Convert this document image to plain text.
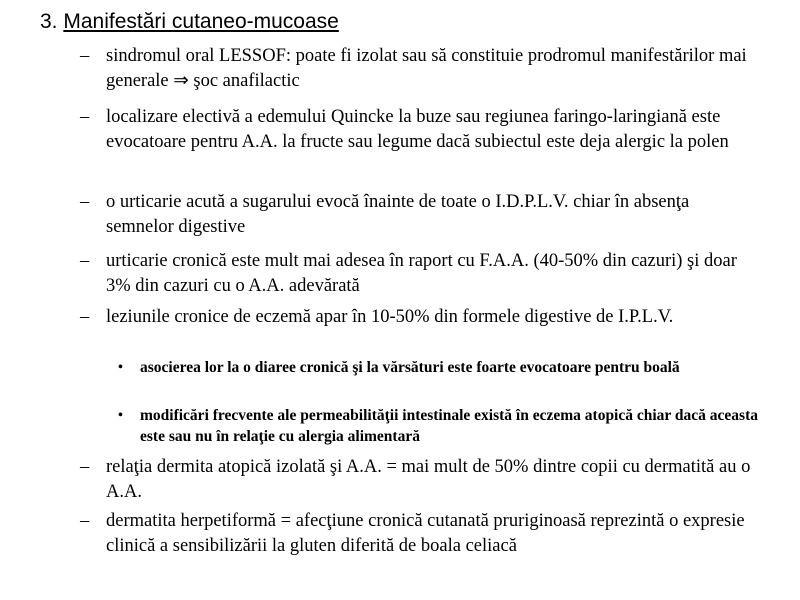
3. Manifestări cutaneo-mucoase
– sindromul oral LESSOF: poate fi izolat sau să constituie prodromul manifestărilor mai generale ⇒ şoc anafilactic
– localizare electivă a edemului Quincke la buze sau regiunea faringo-laringiană este evocatoare pentru A.A. la fructe sau legume dacă subiectul este deja alergic la polen
– o urticarie acută a sugarului evocă înainte de toate o I.D.P.L.V. chiar în absenţa semnelor digestive
– urticarie cronică este mult mai adesea în raport cu F.A.A. (40-50% din cazuri) şi doar 3% din cazuri cu o A.A. adevărată
– leziunile cronice de eczemă apar în 10-50% din formele digestive de I.P.L.V.
• asocierea lor la o diaree cronică şi la vărsături este foarte evocatoare pentru boală
• modificări frecvente ale permeabilităţii intestinale există în eczema atopică chiar dacă aceasta este sau nu în relaţie cu alergia alimentară
– relaţia dermita atopică izolată şi A.A. = mai mult de 50% dintre copii cu dermatită au o A.A.
– dermatita herpetiformă = afecţiune cronică cutanată pruriginoasă reprezintă o expresie clinică a sensibilizării la gluten diferită de boala celiacă
